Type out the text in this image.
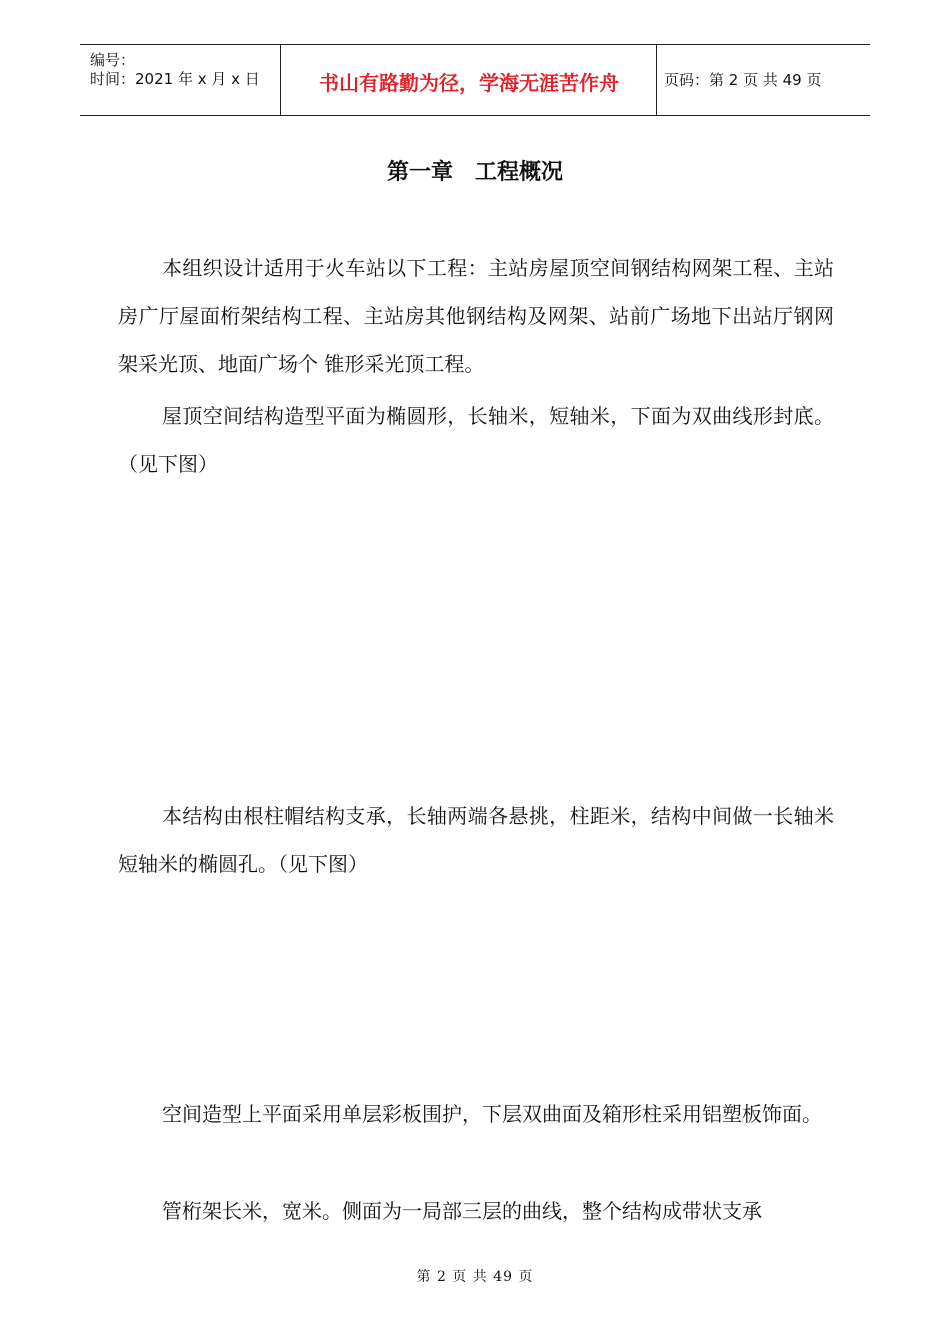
编号：
时间：2021 年 x 月 x 日	书山有路勤为径，学海无涯苦作舟	页码：第 2 页 共 49 页
第一章　工程概况

本组织设计适用于火车站以下工程：主站房屋顶空间钢结构网架工程、主站房广厅屋面桁架结构工程、主站房其他钢结构及网架、站前广场地下出站厅钢网架采光顶、地面广场个 锥形采光顶工程。

屋顶空间结构造型平面为椭圆形，长轴米，短轴米，下面为双曲线形封底。（见下图）

本结构由根柱帽结构支承，长轴两端各悬挑，柱距米，结构中间做一长轴米短轴米的椭圆孔。（见下图）

空间造型上平面采用单层彩板围护，下层双曲面及箱形柱采用铝塑板饰面。

管桁架长米，宽米。侧面为一局部三层的曲线，整个结构成带状支承

第 2 页 共 49 页
